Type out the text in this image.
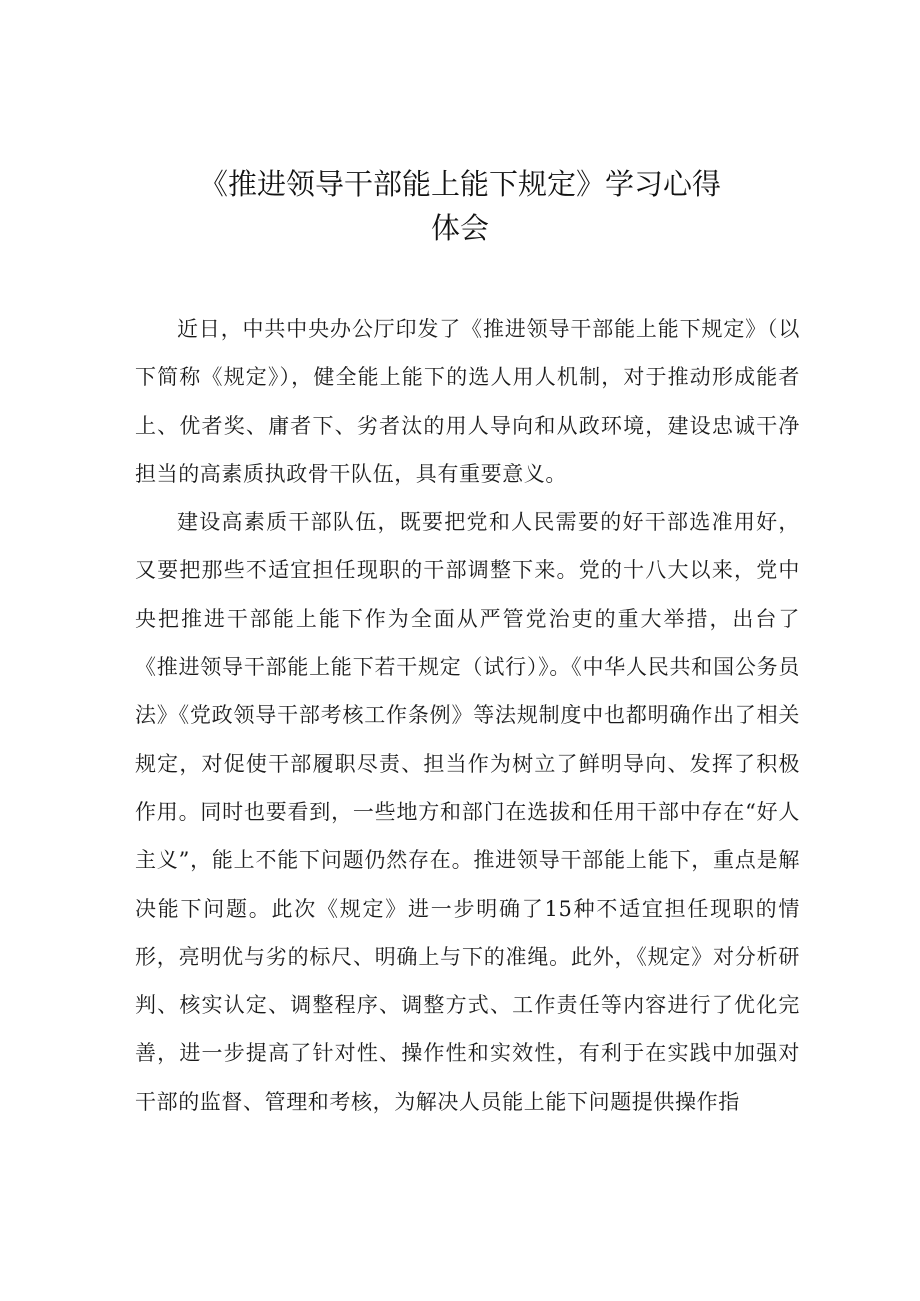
《推进领导干部能上能下规定》学习心得
体会

近日，中共中央办公厅印发了《推进领导干部能上能下规定》（以下简称《规定》），健全能上能下的选人用人机制，对于推动形成能者上、优者奖、庸者下、劣者汰的用人导向和从政环境，建设忠诚干净担当的高素质执政骨干队伍，具有重要意义。

建设高素质干部队伍，既要把党和人民需要的好干部选准用好，又要把那些不适宜担任现职的干部调整下来。党的十八大以来，党中央把推进干部能上能下作为全面从严管党治吏的重大举措，出台了《推进领导干部能上能下若干规定（试行）》。《中华人民共和国公务员法》《党政领导干部考核工作条例》等法规制度中也都明确作出了相关规定，对促使干部履职尽责、担当作为树立了鲜明导向、发挥了积极作用。同时也要看到，一些地方和部门在选拔和任用干部中存在“好人主义”，能上不能下问题仍然存在。推进领导干部能上能下，重点是解决能下问题。此次《规定》进一步明确了15种不适宜担任现职的情形，亮明优与劣的标尺、明确上与下的准绳。此外，《规定》对分析研判、核实认定、调整程序、调整方式、工作责任等内容进行了优化完善，进一步提高了针对性、操作性和实效性，有利于在实践中加强对干部的监督、管理和考核，为解决人员能上能下问题提供操作指
